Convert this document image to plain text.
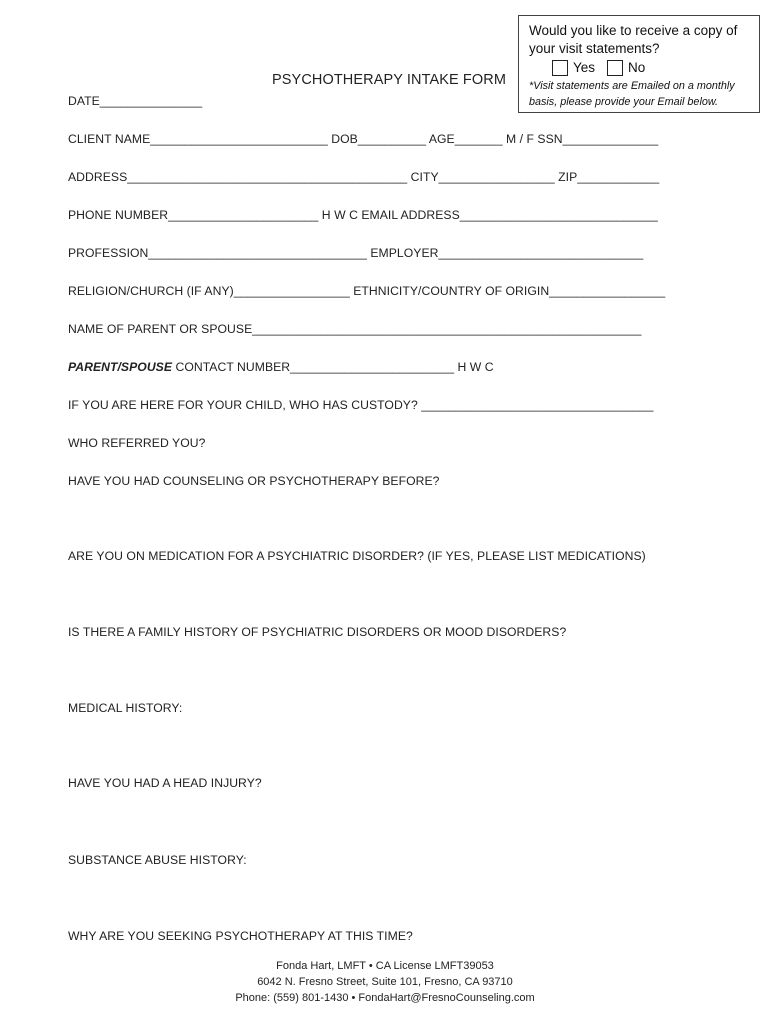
PSYCHOTHERAPY INTAKE FORM
Would you like to receive a copy of your visit statements?
Yes No
*Visit statements are Emailed on a monthly basis, please provide your Email below.
DATE_______________
CLIENT NAME__________________________ DOB__________ AGE_______ M / F SSN______________
ADDRESS_________________________________________ CITY_________________ ZIP____________
PHONE NUMBER______________________ H W C EMAIL ADDRESS_____________________________
PROFESSION________________________________ EMPLOYER______________________________
RELIGION/CHURCH (IF ANY)_________________ ETHNICITY/COUNTRY OF ORIGIN_________________
NAME OF PARENT OR SPOUSE_________________________________________________________
PARENT/SPOUSE CONTACT NUMBER________________________ H W C
IF YOU ARE HERE FOR YOUR CHILD, WHO HAS CUSTODY? __________________________________
WHO REFERRED YOU?
HAVE YOU HAD COUNSELING OR PSYCHOTHERAPY BEFORE?
ARE YOU ON MEDICATION FOR A PSYCHIATRIC DISORDER? (IF YES, PLEASE LIST MEDICATIONS)
IS THERE A FAMILY HISTORY OF PSYCHIATRIC DISORDERS OR MOOD DISORDERS?
MEDICAL HISTORY:
HAVE YOU HAD A HEAD INJURY?
SUBSTANCE ABUSE HISTORY:
WHY ARE YOU SEEKING PSYCHOTHERAPY AT THIS TIME?
Fonda Hart, LMFT • CA License LMFT39053
6042 N. Fresno Street, Suite 101, Fresno, CA 93710
Phone: (559) 801-1430 • FondaHart@FresnoCounseling.com
